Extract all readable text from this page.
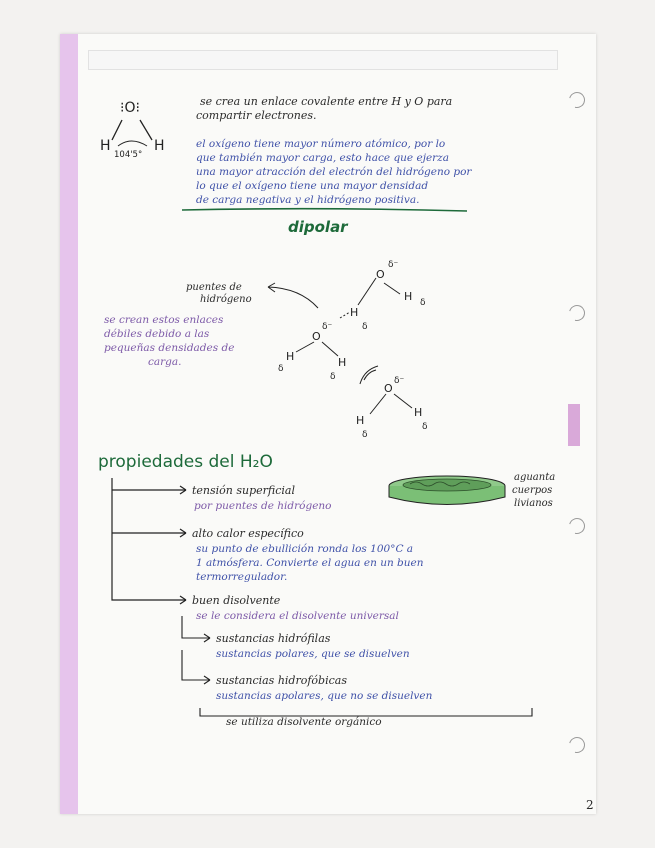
⁝O⁝
H	H
104'5°
se crea un enlace covalente entre H y O para
compartir electrones.
el oxígeno tiene mayor número atómico, por lo
que también mayor carga, esto hace que ejerza
una mayor atracción del electrón del hidrógeno por
lo que el oxígeno tiene una mayor densidad
de carga negativa y el hidrógeno positiva.
dipolar
puentes de
hidrógeno
se crean estos enlaces
débiles debido a las
pequeñas densidades de
carga.
O
δ⁻
H δ
H
δ
O
δ⁻
H
δ	H
δ
O
δ⁻
H
δ
H
δ
propiedades del H₂O
aguanta
cuerpos
livianos
tensión superficial
por puentes de hidrógeno
alto calor específico
su punto de ebullición ronda los 100°C a
1 atmósfera. Convierte el agua en un buen
termorregulador.
buen disolvente
se le considera el disolvente universal
sustancias hidrófilas
sustancias polares, que se disuelven
sustancias hidrofóbicas
sustancias apolares, que no se disuelven
se utiliza disolvente orgánico
2
